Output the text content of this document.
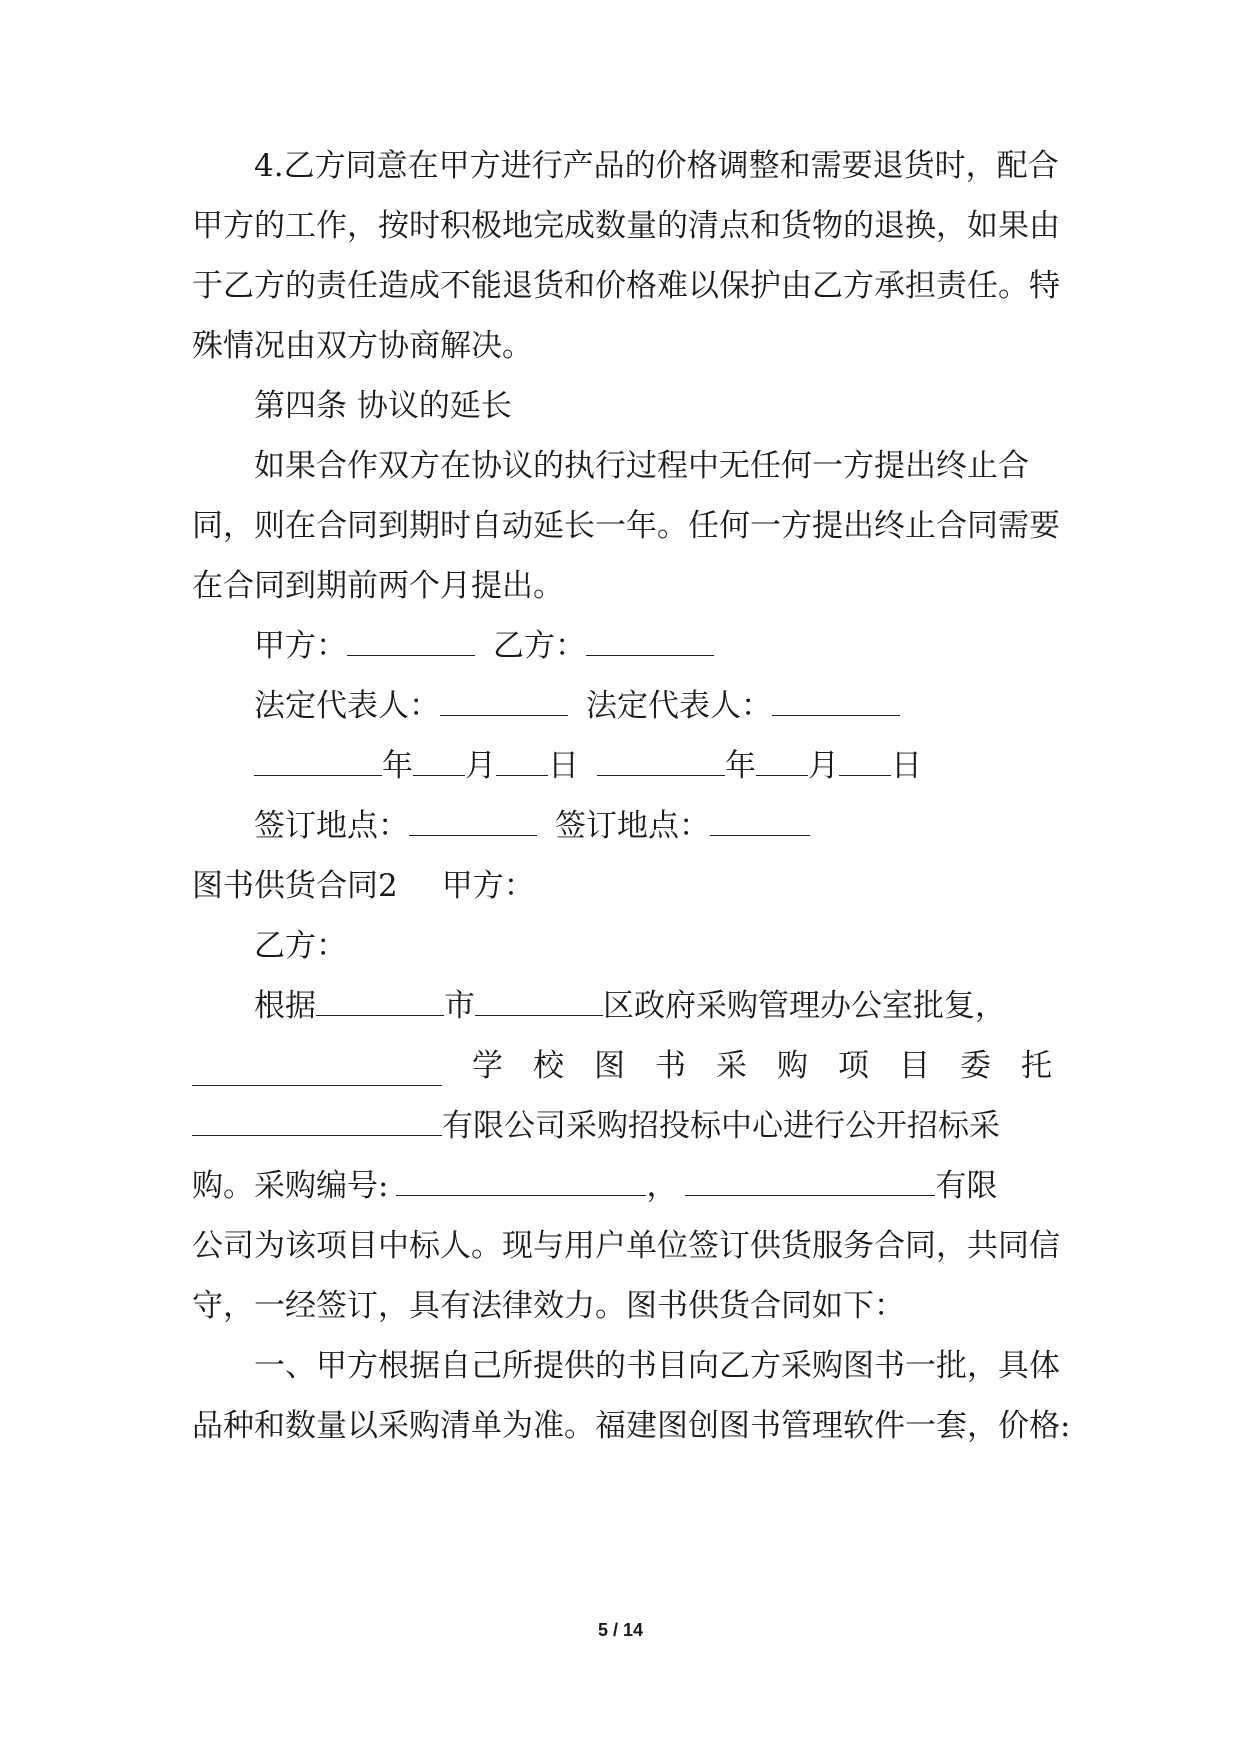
4.乙方同意在甲方进行产品的价格调整和需要退货时，配合
甲方的工作，按时积极地完成数量的清点和货物的退换，如果由
于乙方的责任造成不能退货和价格难以保护由乙方承担责任。特
殊情况由双方协商解决。
第四条 协议的延长
如果合作双方在协议的执行过程中无任何一方提出终止合
同，则在合同到期时自动延长一年。任何一方提出终止合同需要
在合同到期前两个月提出。
甲方：	乙方：
法定代表人：	法定代表人：
年 月 日	年 月 日
签订地点：	签订地点：
图书供货合同2 甲方：
乙方：
根据	市	区政府采购管理办公室批复，
学 校 图 书 采 购 项 目 委 托
有限公司采购招投标中心进行公开招标采
购。采购编号:	，	有限
公司为该项目中标人。现与用户单位签订供货服务合同，共同信
守，一经签订，具有法律效力。图书供货合同如下：
一、甲方根据自己所提供的书目向乙方采购图书一批，具体
品种和数量以采购清单为准。福建图创图书管理软件一套，价格:
5 / 14
